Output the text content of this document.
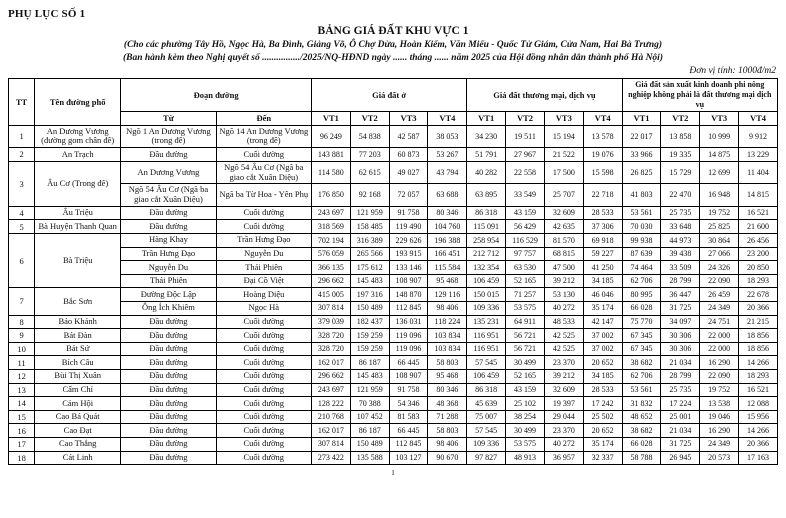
PHỤ LỤC SỐ 1
BẢNG GIÁ ĐẤT KHU VỰC 1
(Cho các phường Tây Hồ, Ngọc Hà, Ba Đình, Giảng Võ, Ô Chợ Dừa, Hoàn Kiếm, Văn Miếu - Quốc Tử Giám, Cửa Nam, Hai Bà Trưng)
(Ban hành kèm theo Nghị quyết số ................/2025/NQ-HĐND ngày ...... tháng ...... năm 2025 của Hội đồng nhân dân thành phố Hà Nội)
Đơn vị tính: 1000đ/m2
TT	Tên đường phố	Đoạn đường		Giá đất ở				Giá đất thương mại, dịch vụ				Giá đất sản xuất kinh doanh phi nông nghiệp không phải là đất thương mại dịch vụ			
		Từ	Đến	VT1	VT2	VT3	VT4	VT1	VT2	VT3	VT4	VT1	VT2	VT3	VT4
1	An Dương Vương (đường gom chân đê)	Ngõ 1 An Dương Vương (trong đê)	Ngõ 14 An Dương Vương (trong đê)	96 249	54 838	42 587	38 053	34 230	19 511	15 194	13 578	22 017	13 858	10 999	9 912
2	An Trạch	Đầu đường	Cuối đường	143 881	77 203	60 873	53 267	51 791	27 967	21 522	19 076	33 966	19 335	14 875	13 229
3	Âu Cơ (Trong đê)	An Dương Vương	Ngõ 54 Âu Cơ (Ngã ba giao cắt Xuân Diệu)	114 580	62 615	49 027	43 794	40 282	22 558	17 500	15 598	26 825	15 729	12 699	11 404
		Ngõ 54 Âu Cơ (Ngã ba giao cắt Xuân Diệu)	Ngã ba Từ Hoa - Yên Phụ	176 850	92 168	72 057	63 688	63 895	33 549	25 707	22 718	41 803	22 470	16 948	14 815
4	Âu Triệu	Đầu đường	Cuối đường	243 697	121 959	91 758	80 346	86 318	43 159	32 609	28 533	53 561	25 735	19 752	16 521
5	Bà Huyện Thanh Quan	Đầu đường	Cuối đường	318 569	158 485	119 490	104 760	115 091	56 429	42 635	37 306	70 030	33 648	25 825	21 600
6	Bà Triệu	Hàng Khay	Trần Hưng Đạo	702 194	316 389	229 626	196 388	258 954	116 529	81 570	69 918	99 938	44 973	30 864	26 456
		Trần Hưng Đạo	Nguyễn Du	576 059	265 566	193 915	166 451	212 712	97 757	68 815	59 227	87 639	39 438	27 066	23 200
		Nguyễn Du	Thái Phiên	366 135	175 612	133 146	115 584	132 354	63 530	47 500	41 250	74 464	33 509	24 326	20 850
		Thái Phiên	Đại Cồ Việt	296 662	145 483	108 907	95 468	106 459	52 165	39 212	34 185	62 706	28 799	22 090	18 293
7	Bắc Sơn	Đường Độc Lập	Hoàng Diệu	415 005	197 316	148 870	129 116	150 015	71 257	53 130	46 046	80 995	36 447	26 459	22 678
		Ông Ích Khiêm	Ngọc Hà	307 814	150 489	112 845	98 406	109 336	53 575	40 272	35 174	66 028	31 725	24 349	20 366
8	Bảo Khánh	Đầu đường	Cuối đường	379 039	182 437	136 031	118 224	135 231	64 911	48 533	42 147	75 770	34 097	24 751	21 215
9	Bát Đàn	Đầu đường	Cuối đường	328 720	159 259	119 096	103 834	116 951	56 721	42 525	37 002	67 345	30 306	22 000	18 856
10	Bát Sứ	Đầu đường	Cuối đường	328 720	159 259	119 096	103 834	116 951	56 721	42 525	37 002	67 345	30 306	22 000	18 856
11	Bích Câu	Đầu đường	Cuối đường	162 017	86 187	66 445	58 803	57 545	30 499	23 370	20 652	38 682	21 034	16 290	14 266
12	Bùi Thị Xuân	Đầu đường	Cuối đường	296 662	145 483	108 907	95 468	106 459	52 165	39 212	34 185	62 706	28 799	22 090	18 293
13	Cấm Chỉ	Đầu đường	Cuối đường	243 697	121 959	91 758	80 346	86 318	43 159	32 609	28 533	53 561	25 735	19 752	16 521
14	Cảm Hội	Đầu đường	Cuối đường	128 222	70 388	54 346	48 368	45 639	25 102	19 397	17 242	31 832	17 224	13 538	12 088
15	Cao Bá Quát	Đầu đường	Cuối đường	210 768	107 452	81 583	71 288	75 007	38 254	29 044	25 502	48 652	25 001	19 046	15 956
16	Cao Đạt	Đầu đường	Cuối đường	162 017	86 187	66 445	58 803	57 545	30 499	23 370	20 652	38 682	21 034	16 290	14 266
17	Cao Thắng	Đầu đường	Cuối đường	307 814	150 489	112 845	98 406	109 336	53 575	40 272	35 174	66 028	31 725	24 349	20 366
18	Cát Linh	Đầu đường	Cuối đường	273 422	135 588	103 127	90 670	97 827	48 913	36 957	32 337	58 788	26 945	20 573	17 163
1
